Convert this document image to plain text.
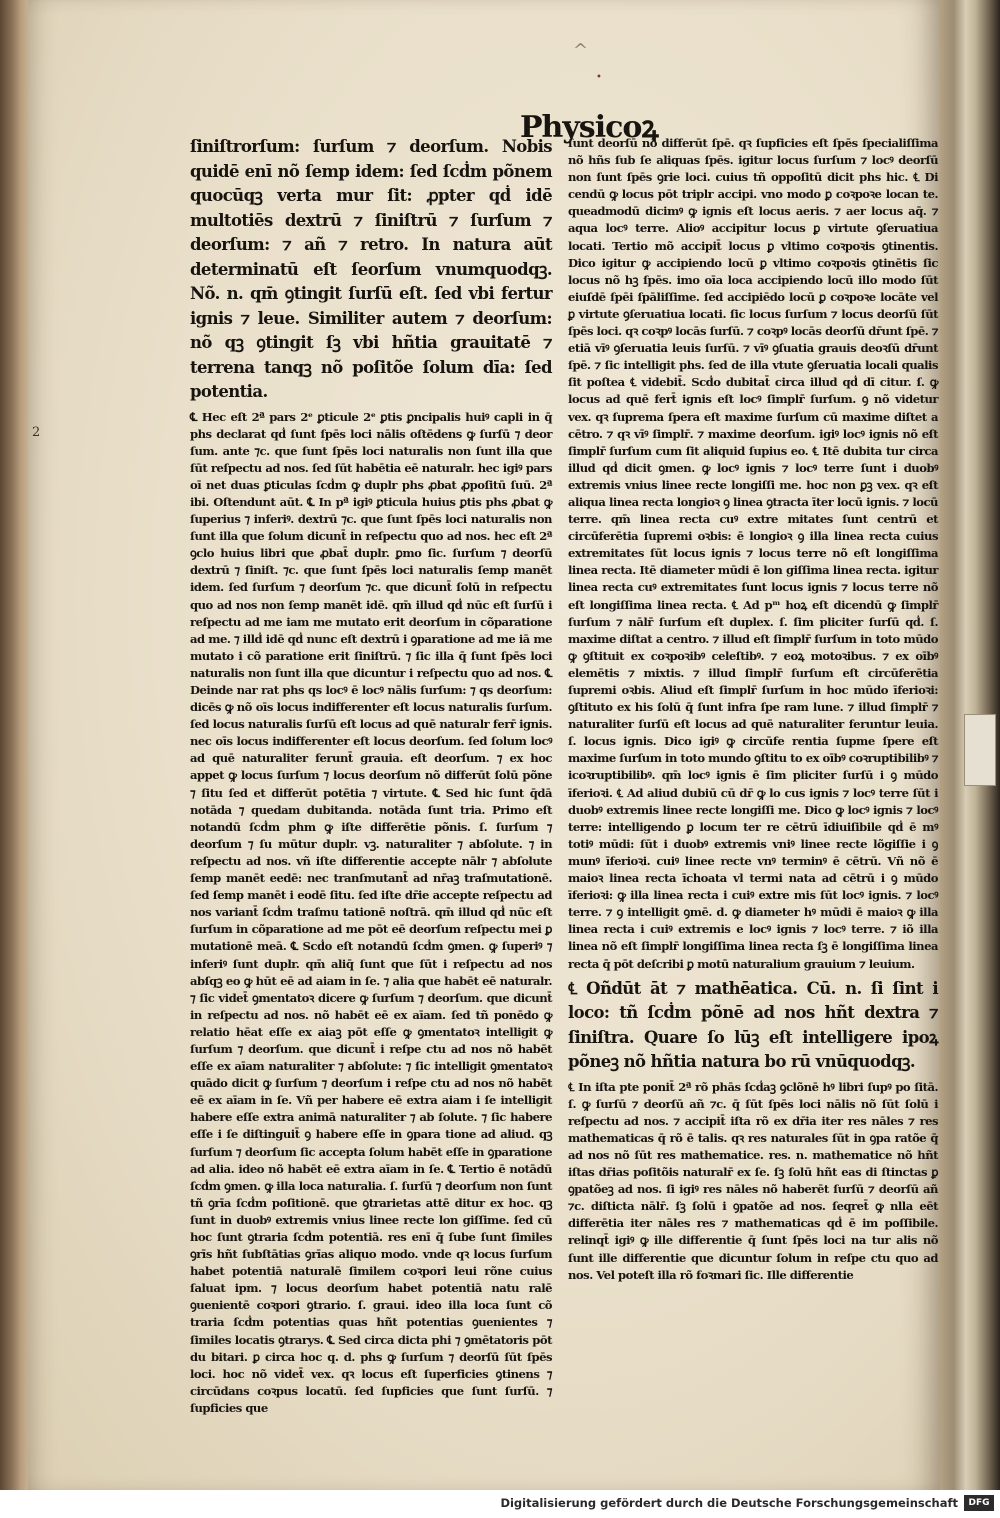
^
•
2
Physicoꝝ

ſiniſtrorſum: ſurſum ⁊ deorſum. Nobis quidē enī nõ ſemp idem: ſed ſcḋm põnem quocūqꝫ verta mur ſit: ꝓpter qḋ idē multotiēs dextrū ⁊ ſiniſtrū ⁊ ſurſum ⁊ deorſum: ⁊ añ ⁊ retro. In natura aūt determinatū eſt ſeorſum vnumquodqꝫ. Nõ. n. qm̄ ꝯtingit ſurſū eſt. ſed vbi fertur ignis ⁊ leue. Similiter autem ⁊ deorſum: nõ qꝫ ꝯtingit ſꝫ vbi hñtia grauitatē ⁊ terrena tanqꝫ nõ poſitõe ſolum dīa: ſed potentia.

℄ Hec eſt 2ª pars 2ᵉ ꝑticule 2ᵉ ꝑtis ꝑncipalis huiꝰ capli in q̄ phs declarat qḋ ſunt ſpēs loci nālis oſtēdens ꝙ ſurſū ⁊ deor ſum. ante ⁊c. que ſunt ſpēs loci naturalis non ſunt illa que ſūt reſpectu ad nos. ſed ſūt habētia eē naturalr. hec igiꝰ pars oī net duas ꝑticulas ſcḋm ꝙ duplr phs ꝓbat ꝓpoſitū ſuū. 2ª ibi. Oſtendunt aūt. ℄ In pª igiꝰ ꝑticula huius ꝑtis phs ꝓbat ꝙ ſuperius ⁊ inferiꝰ. dextrū ⁊c. que ſunt ſpēs loci naturalis non ſunt illa que ſolum dicunt̄ in reſpectu quo ad nos. hec eſt 2ª ꝯclo huius libri que ꝓbat̄ duplr. ꝑmo ſic. ſurſum ⁊ deorſū dextrū ⁊ ſiniſt. ⁊c. que ſunt ſpēs loci naturalis ſemp manēt idem. ſed ſurſum ⁊ deorſum ⁊c. que dicunt̄ ſolū in reſpectu quo ad nos non ſemp manēt idē. qm̄ illud qḋ nūc eſt ſurſū i reſpectu ad me iam me mutato erit deorſum in cõparatione ad me. ⁊ illḋ idē qḋ nunc eſt dextrū i ꝯparatione ad me iā me mutato i cõ paratione erit ſiniſtrū. ⁊ ſic illa q̄ ſunt ſpēs loci naturalis non ſunt illa que dicuntur i reſpectu quo ad nos. ℄ Deinde nar rat phs qs locꝰ ē locꝰ nālis ſurſum: ⁊ qs deorſum: dicēs ꝙ nõ oīs locus indifferenter eſt locus naturalis ſurſum. ſed locus naturalis ſurſū eſt locus ad quē naturalr ferr̄ ignis. nec oīs locus indifferenter eſt locus deorſum. ſed ſolum locꝰ ad quē naturaliter ferunt̄ grauia. eſt deorſum. ⁊ ex hoc appet ꝙ locus ſurſum ⁊ locus deorſum nõ differūt ſolū põne ⁊ ſitu ſed et differūt potētia ⁊ virtute. ℄ Sed hic ſunt q̄dā notāda ⁊ quedam dubitanda. notāda ſunt tria. Primo eſt notandū ſcḋm phm ꝙ iſte differētie põnis. ſ. ſurſum ⁊ deorſum ⁊ ſu mūtur duplr. vꝫ. naturaliter ⁊ abſolute. ⁊ in reſpectu ad nos. vñ iſte differentie accepte nālr ⁊ abſolute ſemp manēt eedē: nec tranſmutant̄ ad nr̄aꝫ traſmutationē. ſed ſemp manēt i eodē ſitu. ſed iſte dr̄ie accepte reſpectu ad nos variant̄ ſcḋm traſmu tationē noſtrā. qm̄ illud qḋ nūc eſt ſurſum in cõparatione ad me pōt eē deorſum reſpectu mei ꝑ mutationē meā. ℄ Scḋo eſt notandū ſcḋm ꝯmen. ꝙ ſuperiꝰ ⁊ inferiꝰ ſunt duplr. qm̄ aliq̄ ſunt que ſūt i reſpectu ad nos abſqꝫ eo ꝙ hūt eē ad aiam in ſe. ⁊ alia que habēt eē naturalr. ⁊ ſic videt̄ ꝯmentatoꝛ dicere ꝙ ſurſum ⁊ deorſum. que dicunt̄ in reſpectu ad nos. nõ habēt eē ex aīam. ſed tñ ponēdo ꝙ relatio hēat eſſe ex aiaꝫ pōt eſſe ꝙ ꝯmentatoꝛ intelligit ꝙ ſurſum ⁊ deorſum. que dicunt̄ i reſpe ctu ad nos nõ habēt eſſe ex aīam naturaliter ⁊ abſolute: ⁊ ſic intelligit ꝯmentatoꝛ quādo dicit ꝙ ſurſum ⁊ deorſum i reſpe ctu ad nos nõ habēt eē ex aīam in ſe. Vñ per habere eē extra aiam i ſe intelligit habere eſſe extra animā naturaliter ⁊ ab ſolute. ⁊ ſic habere eſſe i ſe diſtinguit̄ ꝯ habere eſſe in ꝯpara tione ad aliud. qꝫ ſurſum ⁊ deorſum ſic accepta ſolum habēt eſſe in ꝯparatione ad alia. ideo nõ habēt eē extra aīam in ſe. ℄ Tertio ē notādū ſcḋm ꝯmen. ꝙ illa loca naturalia. ſ. ſurſū ⁊ deorſum non ſunt tñ ꝯrīa ſcḋm poſitionē. que ꝯtrarietas attē ditur ex hoc. qꝫ ſunt in duobꝰ extremis vnius linee recte lon giſſime. ſed cū hoc ſunt ꝯtraria ſcḋm potentiā. res enī q̄ ſube ſunt ſimiles ꝯrīs hñt ſubſtātias ꝯrīas aliquo modo. vnde qꝛ locus ſurſum habet potentiā naturalē ſimilem coꝛpori leui rõne cuius ſaluat ipm. ⁊ locus deorſum habet potentiā natu ralē ꝯuenientē coꝛpori ꝯtrario. ſ. graui. ideo illa loca ſunt cõ traria ſcḋm potentias quas hñt potentias ꝯuenientes ⁊ ſimiles locatis ꝯtrarys. ℄ Sed circa dicta phi ⁊ ꝯmētatoris pōt du bitari. ꝑ circa hoc q. d. phs ꝙ ſurſum ⁊ deorſū ſūt ſpēs loci. hoc nõ videt̄ vex. qꝛ locus eſt ſuperficies ꝯtinens ⁊ circūdans coꝛpus locatū. ſed ſupficies que ſunt ſurſū. ⁊ ſupficies que

ſunt deorſū nõ differūt ſpē. qꝛ ſupficies eſt ſpēs ſpecialiſſima nõ hñs ſub ſe aliquas ſpēs. igitur locus ſurſum ⁊ locꝰ deorſū non ſunt ſpēs ꝯrie loci. cuius tñ oppoſitū dicit phs hic. ℄ Di cendū ꝙ locus pōt triplr accipi. vno modo ꝑ coꝛpoꝛe locan te. queadmodū dicimꝰ ꝙ ignis eſt locus aeris. ⁊ aer locus aq̄. ⁊ aqua locꝰ terre. Alioꝰ accipitur locus ꝑ virtute ꝯſeruatiua locati. Tertio mõ accipit̄ locus ꝑ vltimo coꝛpoꝛis ꝯtinentis. Dico igitur ꝙ accipiendo locū ꝑ vltimo coꝛpoꝛis ꝯtinētis ſic locus nõ hꝫ ſpēs. imo oīa loca accipiendo locū illo modo ſūt eiuſdē ſpēi ſpāliſſime. ſed accipiēdo locū ꝑ coꝛpoꝛe locāte vel ꝑ virtute ꝯſeruatiua locati. ſic locus ſurſum ⁊ locus deorſū ſūt ſpēs loci. qꝛ coꝛpꝰ locās ſurſū. ⁊ coꝛpꝰ locās deorſū dr̄unt ſpē. ⁊ etiā vīꝰ ꝯſeruatia leuis ſurſū. ⁊ vīꝰ ꝯſuatia grauis deoꝛſū dr̄unt ſpē. ⁊ ſic intelligit phs. ſed de illa vtute ꝯſeruatia locali qualis ſit poſtea ℄ videbit̄. Scḋo dubitat̄ circa illud qḋ dī citur. ſ. ꝙ locus ad quē fert̄ ignis eſt locꝰ ſimplr̄ ſurſum. ꝯ nõ videtur vex. qꝛ ſuprema ſpera eſt maxime ſurſum cū maxime diſtet a cētro. ⁊ qꝛ vīꝰ ſimplr̄. ⁊ maxime deorſum. igiꝰ locꝰ ignis nõ eſt ſimplr̄ ſurſum cum ſit aliquid ſupius eo. ℄ Itē dubita tur circa illud qḋ dicit ꝯmen. ꝙ locꝰ ignis ⁊ locꝰ terre ſunt i duobꝰ extremis vnius linee recte longiſſi me. hoc non ꝑꝫ vex. qꝛ eſt aliqua linea recta longioꝛ ꝯ linea ꝯtracta īter locū ignis. ⁊ locū terre. qm̄ linea recta cuꝰ extre mitates ſunt centrū et circūferētia ſupremi oꝛbis: ē longioꝛ ꝯ illa linea recta cuius extremitates ſūt locus ignis ⁊ locus terre nõ eſt longiſſima linea recta. Itē diameter mūdi ē lon giſſima linea recta. igitur linea recta cuꝰ extremitates ſunt locus ignis ⁊ locus terre nõ eſt longiſſima linea recta. ℄ Ad pᵐ hoꝝ eſt dicendū ꝙ ſimplr̄ ſurſum ⁊ nālr̄ ſurſum eſt duplex. ſ. ſim pliciter ſurſū qḋ. ſ. maxime diſtat a centro. ⁊ illud eſt ſimplr̄ ſurſum in toto mūdo ꝙ ꝯſtituit ex coꝛpoꝛibꝰ celeſtibꝰ. ⁊ eoꝝ motoꝛibus. ⁊ ex oībꝰ elemētis ⁊ mixtis. ⁊ illud ſimplr̄ ſurſum eſt circūferētia ſupremi oꝛbis. Aliud eſt ſimplr̄ ſurſum in hoc mūdo īferioꝛi: ꝯſtituto ex his ſolū q̄ ſunt infra ſpe ram lune. ⁊ illud ſimplr̄ ⁊ naturaliter ſurſū eſt locus ad quē naturaliter feruntur leuia. ſ. locus ignis. Dico igiꝰ ꝙ circūfe rentia ſupme ſpere eſt maxime ſurſum in toto mundo ꝯſtitu to ex oībꝰ coꝛruptibilibꝰ ⁊ icoꝛruptibilibꝰ. qm̄ locꝰ ignis ē ſim pliciter ſurſū i ꝯ mūdo īferioꝛi. ℄ Ad aliud dubiū cū dr̄ ꝙ lo cus ignis ⁊ locꝰ terre ſūt i duobꝰ extremis linee recte longiſſi me. Dico ꝙ locꝰ ignis ⁊ locꝰ terre: intelligendo ꝑ locum ter re cētrū īdiuiſibile qḋ ē mꝰ totiꝰ mūdi: ſūt i duobꝰ extremis vniꝰ linee recte lõgiſſie i ꝯ munꝰ īferioꝛi. cuiꝰ linee recte vnꝰ terminꝰ ē cētrū. Vñ nõ ē maioꝛ linea recta īchoata vl termi nata ad cētrū i ꝯ mūdo īferioꝛi: ꝙ illa linea recta i cuiꝰ extre mis ſūt locꝰ ignis. ⁊ locꝰ terre. ⁊ ꝯ intelligit ꝯmē. d. ꝙ diameter hꝰ mūdi ē maioꝛ ꝙ illa linea recta i cuiꝰ extremis e locꝰ ignis ⁊ locꝰ terre. ⁊ iõ illa linea nõ eſt ſimplr̄ longiſſima linea recta ſꝫ ē longiſſima linea recta q̄ pōt deſcribi ꝑ motū naturalium grauium ⁊ leuium.

℄ Oñdūt āt ⁊ mathēatica. Cū. n. ſi ſint i loco: tñ ſcḋm põnē ad nos hñt dextra ⁊ ſiniſtra. Quare ſo lūꝫ eſt intelligere ipoꝝ põneꝫ nõ hñtia natura bo rū vnūquodqꝫ.

℄ In iſta pte ponit̄ 2ª rõ phās ſcḋaꝫ ꝯclõnē hꝰ libri ſupꝰ po ſitā. ſ. ꝙ ſurſū ⁊ deorſū añ ⁊c. q̄ ſūt ſpēs loci nālis nõ ſūt ſolū i reſpectu ad nos. ⁊ accipit̄ iſta rõ ex dr̄ia iter res nāles ⁊ res mathematicas q̄ rõ ē talis. qꝛ res naturales ſūt in ꝯpa ratõe q̄ ad nos nõ ſūt res mathematice. res. n. mathematice nõ hñt iſtas dr̄ias poſitõis naturalr̄ ex ſe. ſꝫ ſolū hñt eas di ſtinctas ꝑ ꝯpatõeꝫ ad nos. ſi igiꝰ res nāles nõ haberēt ſurſū ⁊ deorſū añ ⁊c. diſticta nālr̄. ſꝫ ſolū i ꝯpatõe ad nos. ſeqret̄ ꝙ nlla eēt differētia iter nāles res ⁊ mathematicas qḋ ē im poſſibile. relinqt̄ igiꝰ ꝙ ille differentie q̄ ſunt ſpēs loci na tur alis nõ ſunt ille differentie que dicuntur ſolum in reſpe ctu quo ad nos. Vel poteſt illa rõ foꝛmari ſic. Ille differentie

Digitalisierung gefördert durch die Deutsche Forschungsgemeinschaft	DFG
